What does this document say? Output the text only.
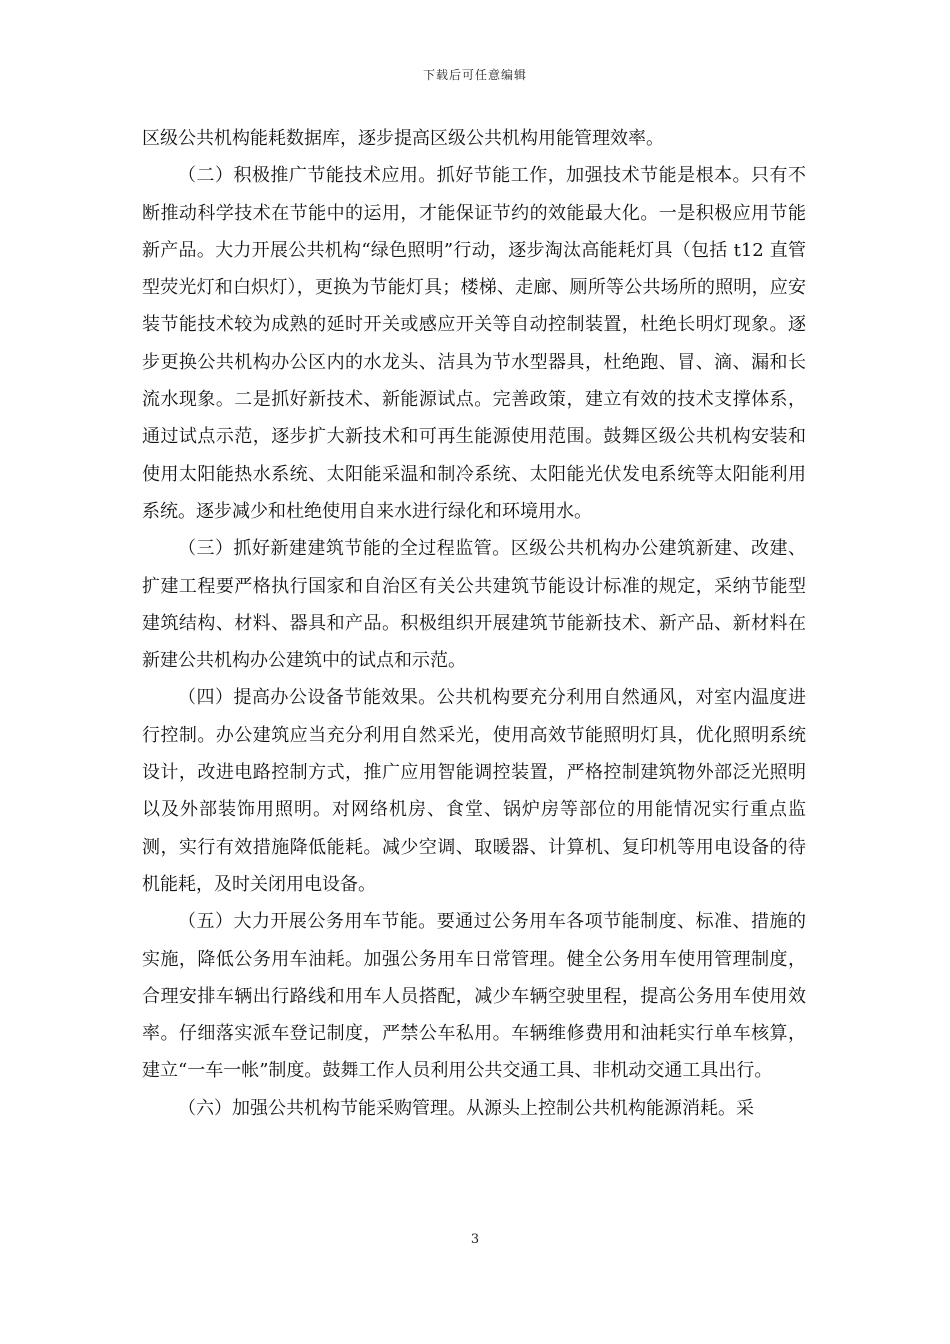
下载后可任意编辑

区级公共机构能耗数据库，逐步提高区级公共机构用能管理效率。

（二）积极推广节能技术应用。抓好节能工作，加强技术节能是根本。只有不断推动科学技术在节能中的运用，才能保证节约的效能最大化。一是积极应用节能新产品。大力开展公共机构“绿色照明”行动，逐步淘汰高能耗灯具（包括 t12 直管型荧光灯和白炽灯），更换为节能灯具；楼梯、走廊、厕所等公共场所的照明，应安装节能技术较为成熟的延时开关或感应开关等自动控制装置，杜绝长明灯现象。逐步更换公共机构办公区内的水龙头、洁具为节水型器具，杜绝跑、冒、滴、漏和长流水现象。二是抓好新技术、新能源试点。完善政策，建立有效的技术支撑体系，通过试点示范，逐步扩大新技术和可再生能源使用范围。鼓舞区级公共机构安装和使用太阳能热水系统、太阳能采温和制冷系统、太阳能光伏发电系统等太阳能利用系统。逐步减少和杜绝使用自来水进行绿化和环境用水。

（三）抓好新建建筑节能的全过程监管。区级公共机构办公建筑新建、改建、扩建工程要严格执行国家和自治区有关公共建筑节能设计标准的规定，采纳节能型建筑结构、材料、器具和产品。积极组织开展建筑节能新技术、新产品、新材料在新建公共机构办公建筑中的试点和示范。

（四）提高办公设备节能效果。公共机构要充分利用自然通风，对室内温度进行控制。办公建筑应当充分利用自然采光，使用高效节能照明灯具，优化照明系统设计，改进电路控制方式，推广应用智能调控装置，严格控制建筑物外部泛光照明以及外部装饰用照明。对网络机房、食堂、锅炉房等部位的用能情况实行重点监测，实行有效措施降低能耗。减少空调、取暖器、计算机、复印机等用电设备的待机能耗，及时关闭用电设备。

（五）大力开展公务用车节能。要通过公务用车各项节能制度、标准、措施的实施，降低公务用车油耗。加强公务用车日常管理。健全公务用车使用管理制度，合理安排车辆出行路线和用车人员搭配，减少车辆空驶里程，提高公务用车使用效率。仔细落实派车登记制度，严禁公车私用。车辆维修费用和油耗实行单车核算，建立“一车一帐”制度。鼓舞工作人员利用公共交通工具、非机动交通工具出行。

（六）加强公共机构节能采购管理。从源头上控制公共机构能源消耗。采

3
